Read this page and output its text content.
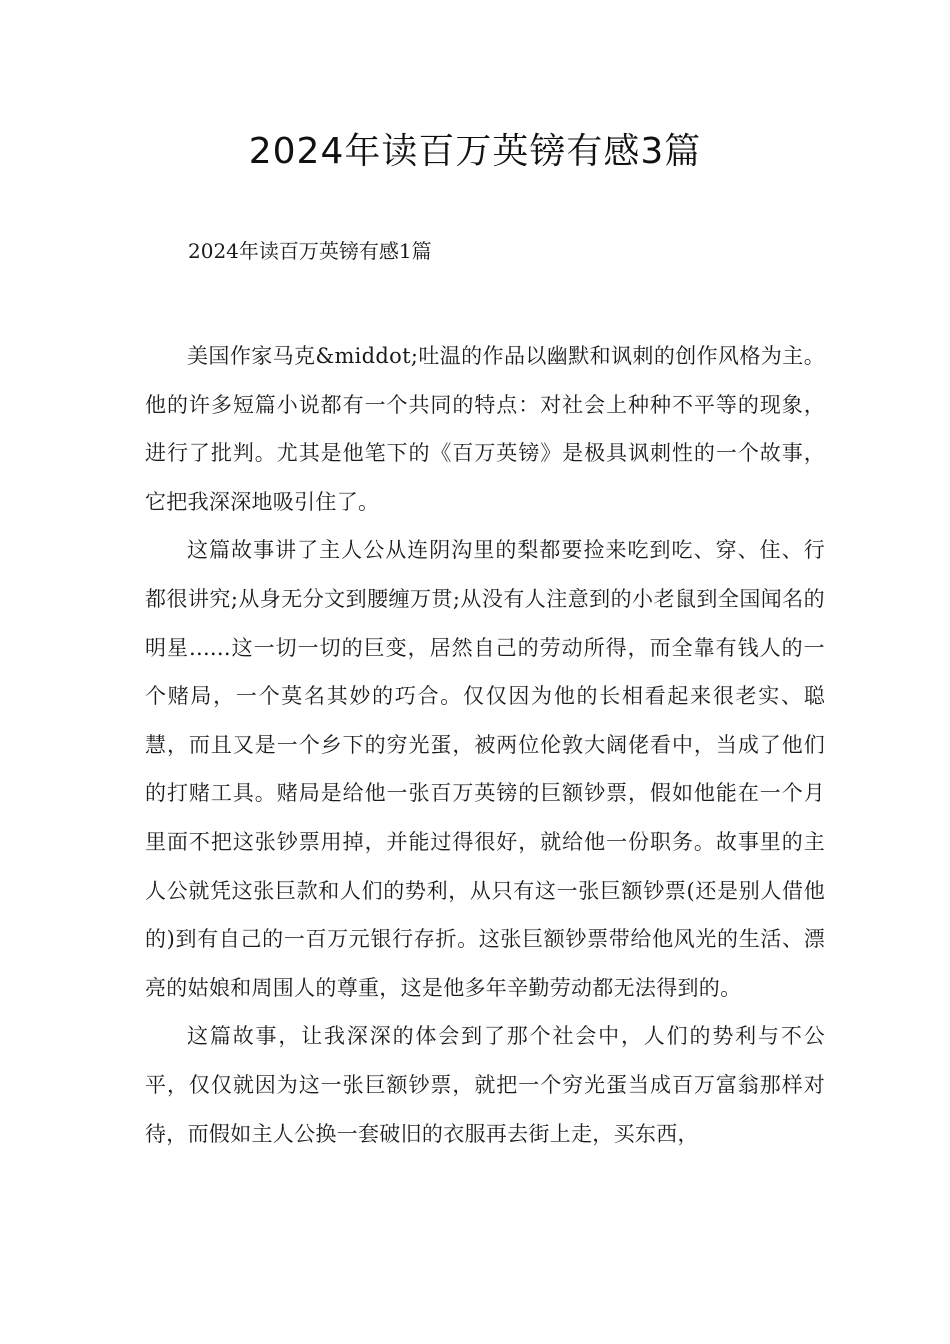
2024年读百万英镑有感3篇

2024年读百万英镑有感1篇

美国作家马克&middot;吐温的作品以幽默和讽刺的创作风格为主。他的许多短篇小说都有一个共同的特点：对社会上种种不平等的现象，进行了批判。尤其是他笔下的《百万英镑》是极具讽刺性的一个故事，它把我深深地吸引住了。

这篇故事讲了主人公从连阴沟里的梨都要捡来吃到吃、穿、住、行都很讲究;从身无分文到腰缠万贯;从没有人注意到的小老鼠到全国闻名的明星......这一切一切的巨变，居然自己的劳动所得，而全靠有钱人的一个赌局，一个莫名其妙的巧合。仅仅因为他的长相看起来很老实、聪慧，而且又是一个乡下的穷光蛋，被两位伦敦大阔佬看中，当成了他们的打赌工具。赌局是给他一张百万英镑的巨额钞票，假如他能在一个月里面不把这张钞票用掉，并能过得很好，就给他一份职务。故事里的主人公就凭这张巨款和人们的势利，从只有这一张巨额钞票(还是别人借他的)到有自己的一百万元银行存折。这张巨额钞票带给他风光的生活、漂亮的姑娘和周围人的尊重，这是他多年辛勤劳动都无法得到的。

这篇故事，让我深深的体会到了那个社会中，人们的势利与不公平，仅仅就因为这一张巨额钞票，就把一个穷光蛋当成百万富翁那样对待，而假如主人公换一套破旧的衣服再去街上走，买东西，
